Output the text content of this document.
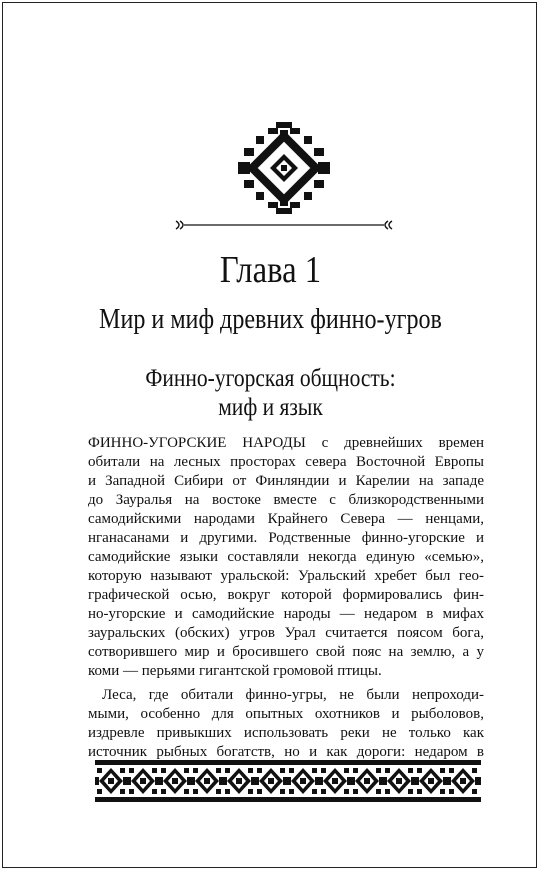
Глава 1
Мир и миф древних финно-угров
Финно-угорская общность:
миф и язык

ФИННО-УГОРСКИЕ НАРОДЫ с древнейших времен
обитали на лесных просторах севера Восточной Европы
и Западной Сибири от Финляндии и Карелии на западе
до Зауралья на востоке вместе с близкородственными
самодийскими народами Крайнего Севера — ненцами,
нганасанами и другими. Родственные финно-угорские и
самодийские языки составляли некогда единую «семью»,
которую называют уральской: Уральский хребет был гео-
графической осью, вокруг которой формировались фин-
но-угорские и самодийские народы — недаром в мифах
зауральских (обских) угров Урал считается поясом бога,
сотворившего мир и бросившего свой пояс на землю, а у
коми — перьями гигантской громовой птицы.

Леса, где обитали финно-угры, не были непроходи-
мыми, особенно для опытных охотников и рыболовов,
издревле привыкших использовать реки не только как
источник рыбных богатств, но и как дороги: недаром в
